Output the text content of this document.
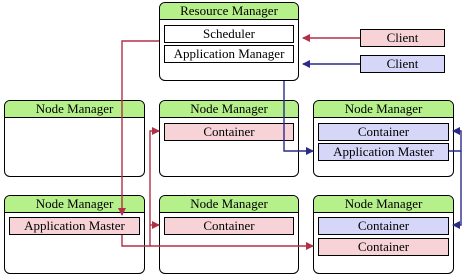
Resource Manager
Scheduler
Application Manager
Client
Client
Node Manager	Node Manager
Container
Node Manager
Container
Application Master
Node Manager
Application Master
Node Manager
Container
Node Manager
Container
Container
